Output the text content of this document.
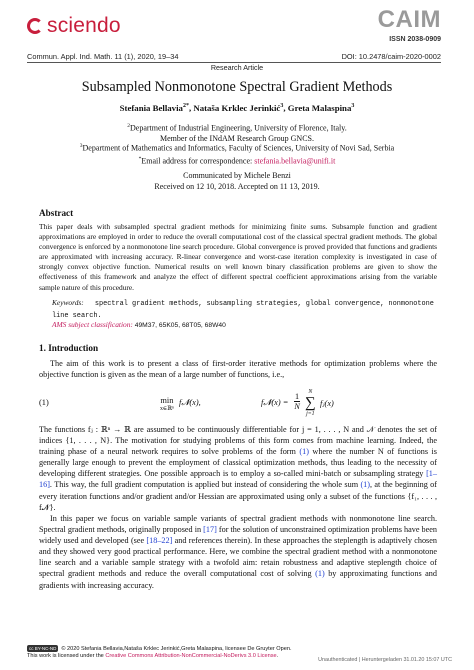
sciendo	CAIM
ISSN 2038-0909
Commun. Appl. Ind. Math. 11 (1), 2020, 19–34	DOI: 10.2478/caim-2020-0002
Research Article
Subsampled Nonmonotone Spectral Gradient Methods
Stefania Bellavia$^{2*}$, Nataša Krklec Jerinkić$^3$, Greta Malaspina$^3$
$^2$Department of Industrial Engineering, University of Florence, Italy.
Member of the INdAM Research Group GNCS.
$^3$Department of Mathematics and Informatics, Faculty of Sciences, University of Novi Sad, Serbia
*Email address for correspondence: stefania.bellavia@unifi.it
Communicated by Michele Benzi
Received on 12 10, 2018. Accepted on 11 13, 2019.
Abstract
This paper deals with subsampled spectral gradient methods for minimizing finite sums. Subsample function and gradient approximations are employed in order to reduce the overall computational cost of the classical spectral gradient methods. The global convergence is enforced by a nonmonotone line search procedure. Global convergence is proved provided that functions and gradients are approximated with increasing accuracy. R-linear convergence and worst-case iteration complexity is investigated in case of strongly convex objective function. Numerical results on well known binary classification problems are given to show the effectiveness of this framework and analyze the effect of different spectral coefficient approximations arising from the variable sample nature of this procedure.
Keywords: spectral gradient methods, subsampling strategies, global convergence, nonmonotone line search.
AMS subject classification: 49M37, 65K05, 68T05, 68W40
1. Introduction
The aim of this work is to present a class of first-order iterative methods for optimization problems where the objective function is given as the mean of a large number of functions, i.e.,
(1)	min
x∈ℝⁿ
f𝓝(x),	f𝓝(x) = $\frac{1}{N}$	N
∑
j=1
fⱼ(x)
The functions fⱼ : ℝⁿ → ℝ are assumed to be continuously differentiable for j = 1, . . . , N and 𝒩 denotes the set of indices {1, . . . , N}. The motivation for studying problems of this form comes from machine learning. Indeed, the training phase of a neural network requires to solve problems of the form (1) where the number N of functions is generally large enough to prevent the employment of classical optimization methods, thus leading to the necessity of developing different strategies. One possible approach is to employ a so-called mini-batch or subsampling strategy [1–16]. This way, the full gradient computation is applied but instead of considering the whole sum (1), at the beginning of every iteration functions and/or gradient and/or Hessian are approximated using only a subset of the functions {f₁, . . . , f𝓝}.
In this paper we focus on variable sample variants of spectral gradient methods with nonmonotone line search. Spectral gradient methods, originally proposed in [17] for the solution of unconstrained optimization problems have been widely used and developed (see [18–22] and references therein). In these approaches the steplength is adaptively chosen and they showed very good practical performance. Here, we combine the spectral gradient method with a nonmonotone line search and a variable sample strategy with a twofold aim: retain robustness and adaptive steplength choice of spectral gradient methods and reduce the overall computational cost of solving (1) by approximating functions and gradients with increasing accuracy.
cc BY-NC-ND © 2020 Stefania Bellavia,Nataša Krklec Jerinkić,Greta Malaspina, licensee De Gruyter Open.
This work is licensed under the Creative Commons Attribution-NonCommercial-NoDerivs 3.0 License.
Unauthenticated | Heruntergeladen 31.01.20 15:07 UTC
